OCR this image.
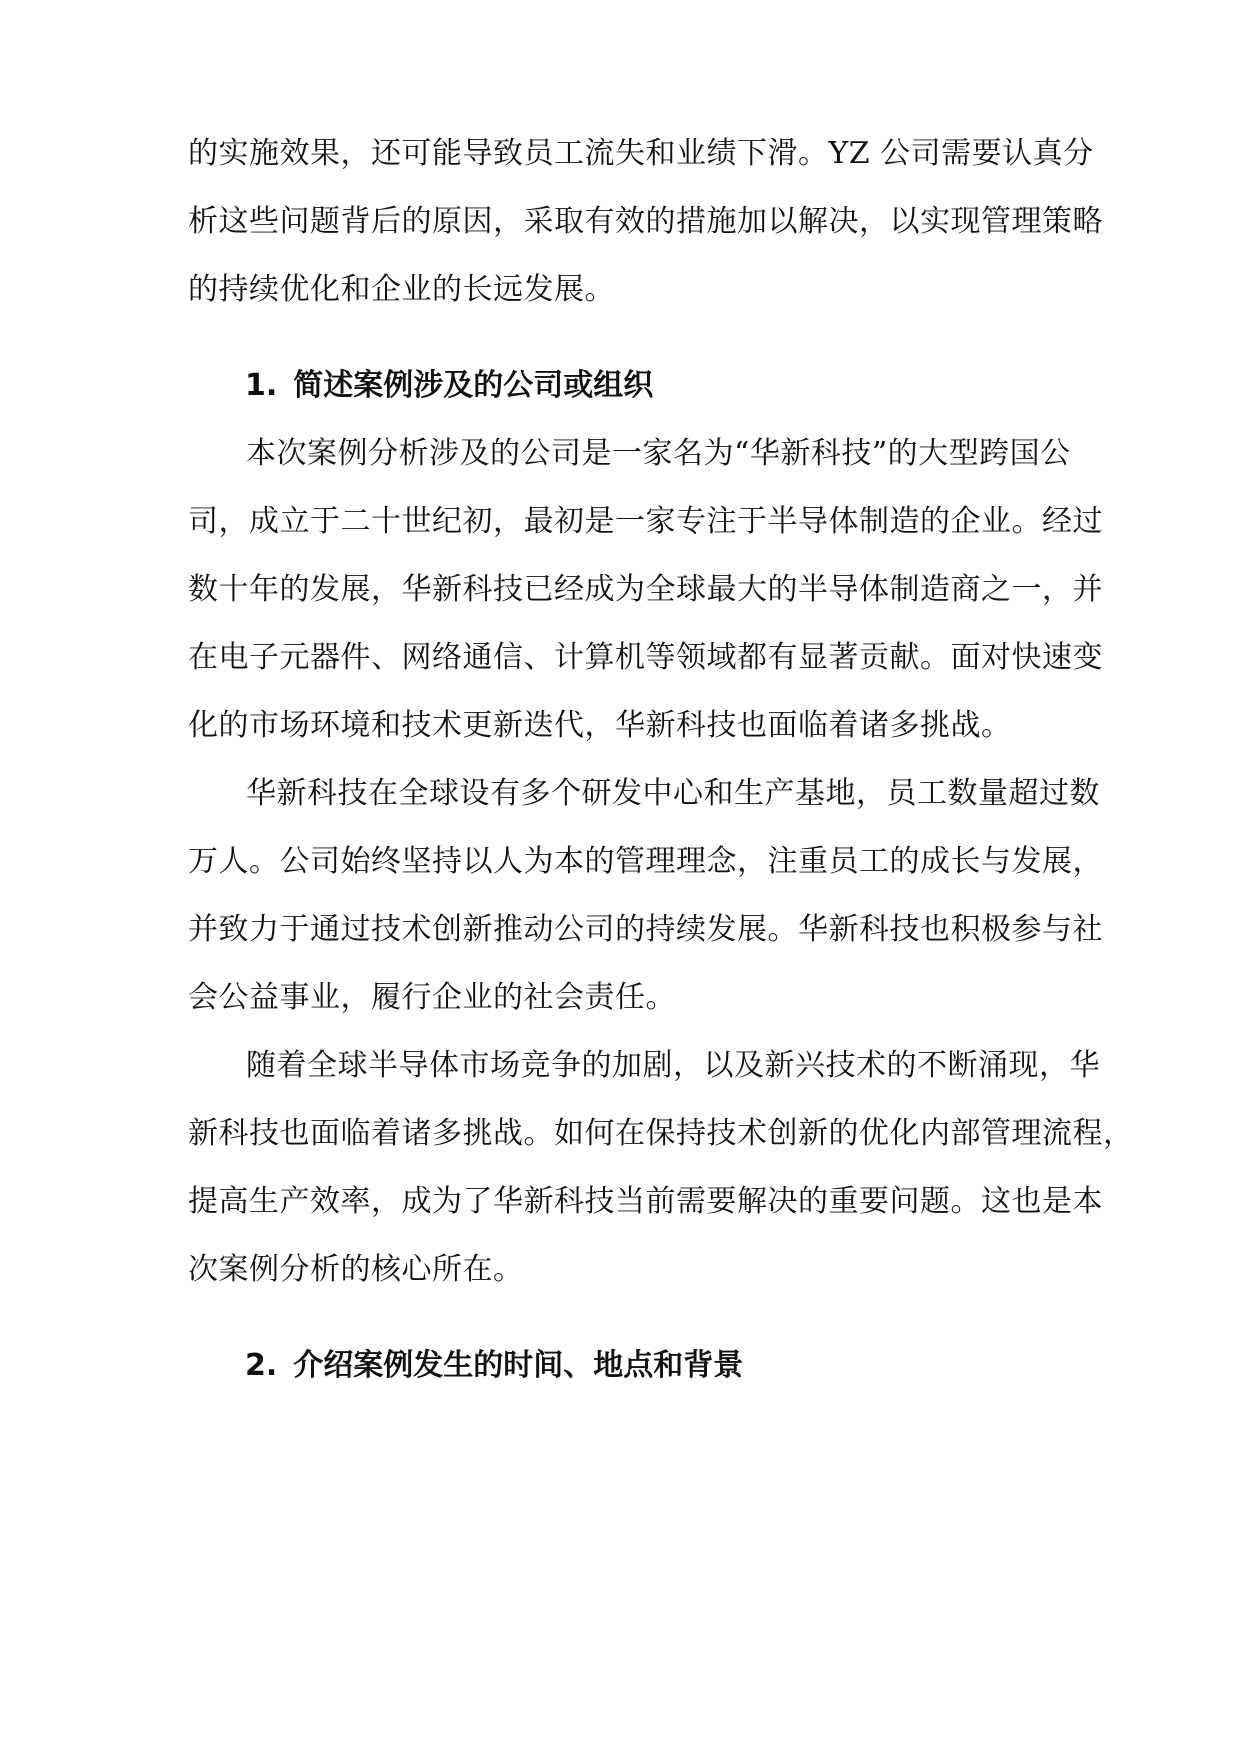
的实施效果，还可能导致员工流失和业绩下滑。YZ 公司需要认真分
析这些问题背后的原因，采取有效的措施加以解决，以实现管理策略
的持续优化和企业的长远发展。
1. 简述案例涉及的公司或组织
本次案例分析涉及的公司是一家名为“华新科技”的大型跨国公
司，成立于二十世纪初，最初是一家专注于半导体制造的企业。经过
数十年的发展，华新科技已经成为全球最大的半导体制造商之一，并
在电子元器件、网络通信、计算机等领域都有显著贡献。面对快速变
化的市场环境和技术更新迭代，华新科技也面临着诸多挑战。
华新科技在全球设有多个研发中心和生产基地，员工数量超过数
万人。公司始终坚持以人为本的管理理念，注重员工的成长与发展，
并致力于通过技术创新推动公司的持续发展。华新科技也积极参与社
会公益事业，履行企业的社会责任。
随着全球半导体市场竞争的加剧，以及新兴技术的不断涌现，华
新科技也面临着诸多挑战。如何在保持技术创新的优化内部管理流程，
提高生产效率，成为了华新科技当前需要解决的重要问题。这也是本
次案例分析的核心所在。
2. 介绍案例发生的时间、地点和背景
